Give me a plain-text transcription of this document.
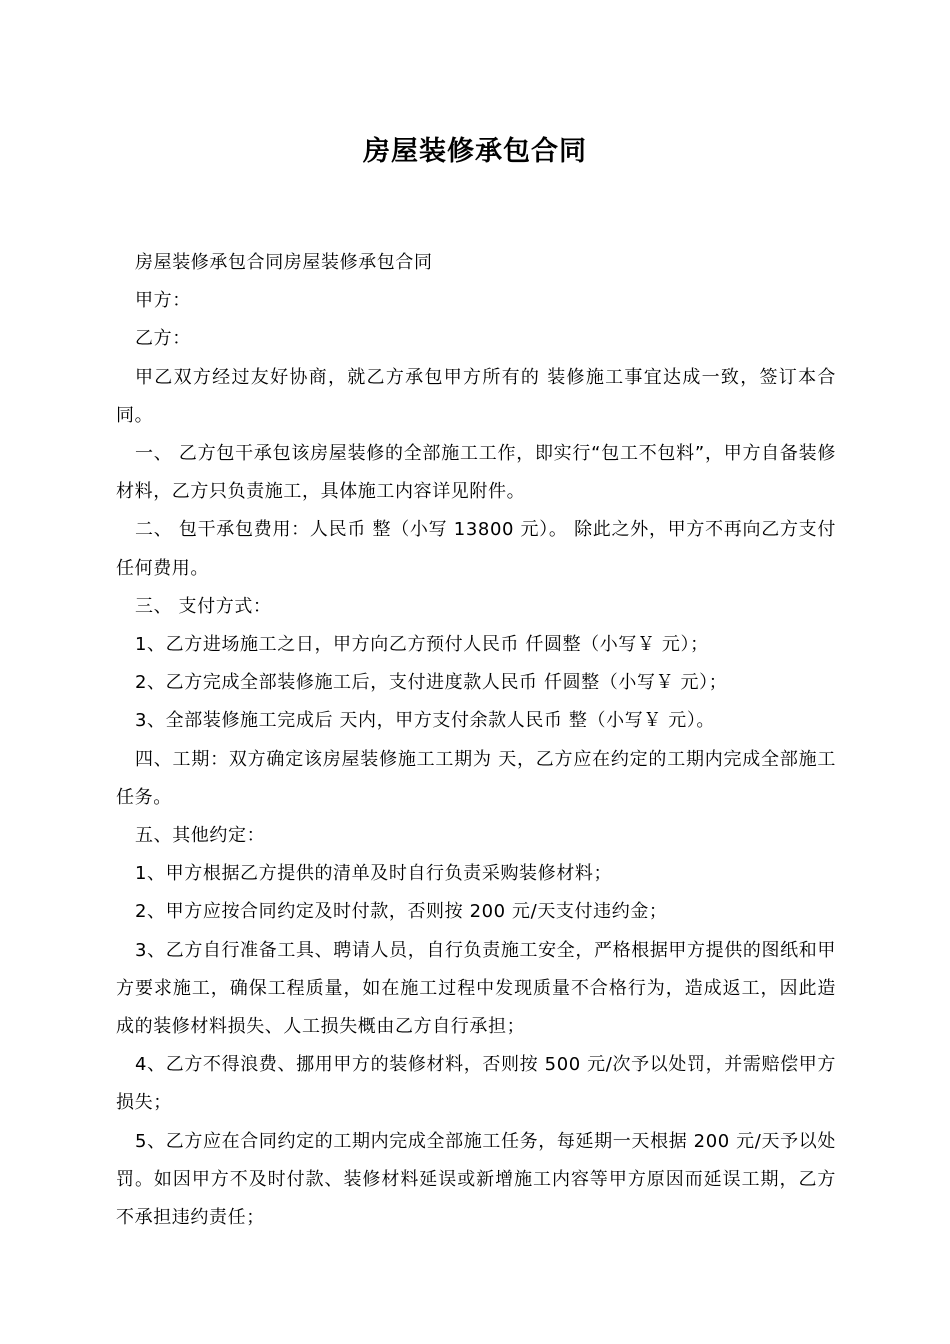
房屋装修承包合同

房屋装修承包合同房屋装修承包合同

甲方：

乙方：

甲乙双方经过友好协商，就乙方承包甲方所有的 装修施工事宜达成一致，签订本合同。

一、 乙方包干承包该房屋装修的全部施工工作，即实行“包工不包料”，甲方自备装修材料，乙方只负责施工，具体施工内容详见附件。

二、 包干承包费用：人民币 整（小写 13800 元）。 除此之外，甲方不再向乙方支付任何费用。

三、 支付方式：

1、乙方进场施工之日，甲方向乙方预付人民币 仟圆整（小写￥ 元）；

2、乙方完成全部装修施工后，支付进度款人民币 仟圆整（小写￥ 元）；

3、全部装修施工完成后 天内，甲方支付余款人民币 整（小写￥ 元）。

四、工期：双方确定该房屋装修施工工期为 天，乙方应在约定的工期内完成全部施工任务。

五、其他约定：

1、甲方根据乙方提供的清单及时自行负责采购装修材料；

2、甲方应按合同约定及时付款，否则按 200 元/天支付违约金；

3、乙方自行准备工具、聘请人员，自行负责施工安全，严格根据甲方提供的图纸和甲方要求施工，确保工程质量，如在施工过程中发现质量不合格行为，造成返工，因此造成的装修材料损失、人工损失概由乙方自行承担；

4、乙方不得浪费、挪用甲方的装修材料，否则按 500 元/次予以处罚，并需赔偿甲方损失；

5、乙方应在合同约定的工期内完成全部施工任务，每延期一天根据 200 元/天予以处罚。如因甲方不及时付款、装修材料延误或新增施工内容等甲方原因而延误工期，乙方不承担违约责任；
